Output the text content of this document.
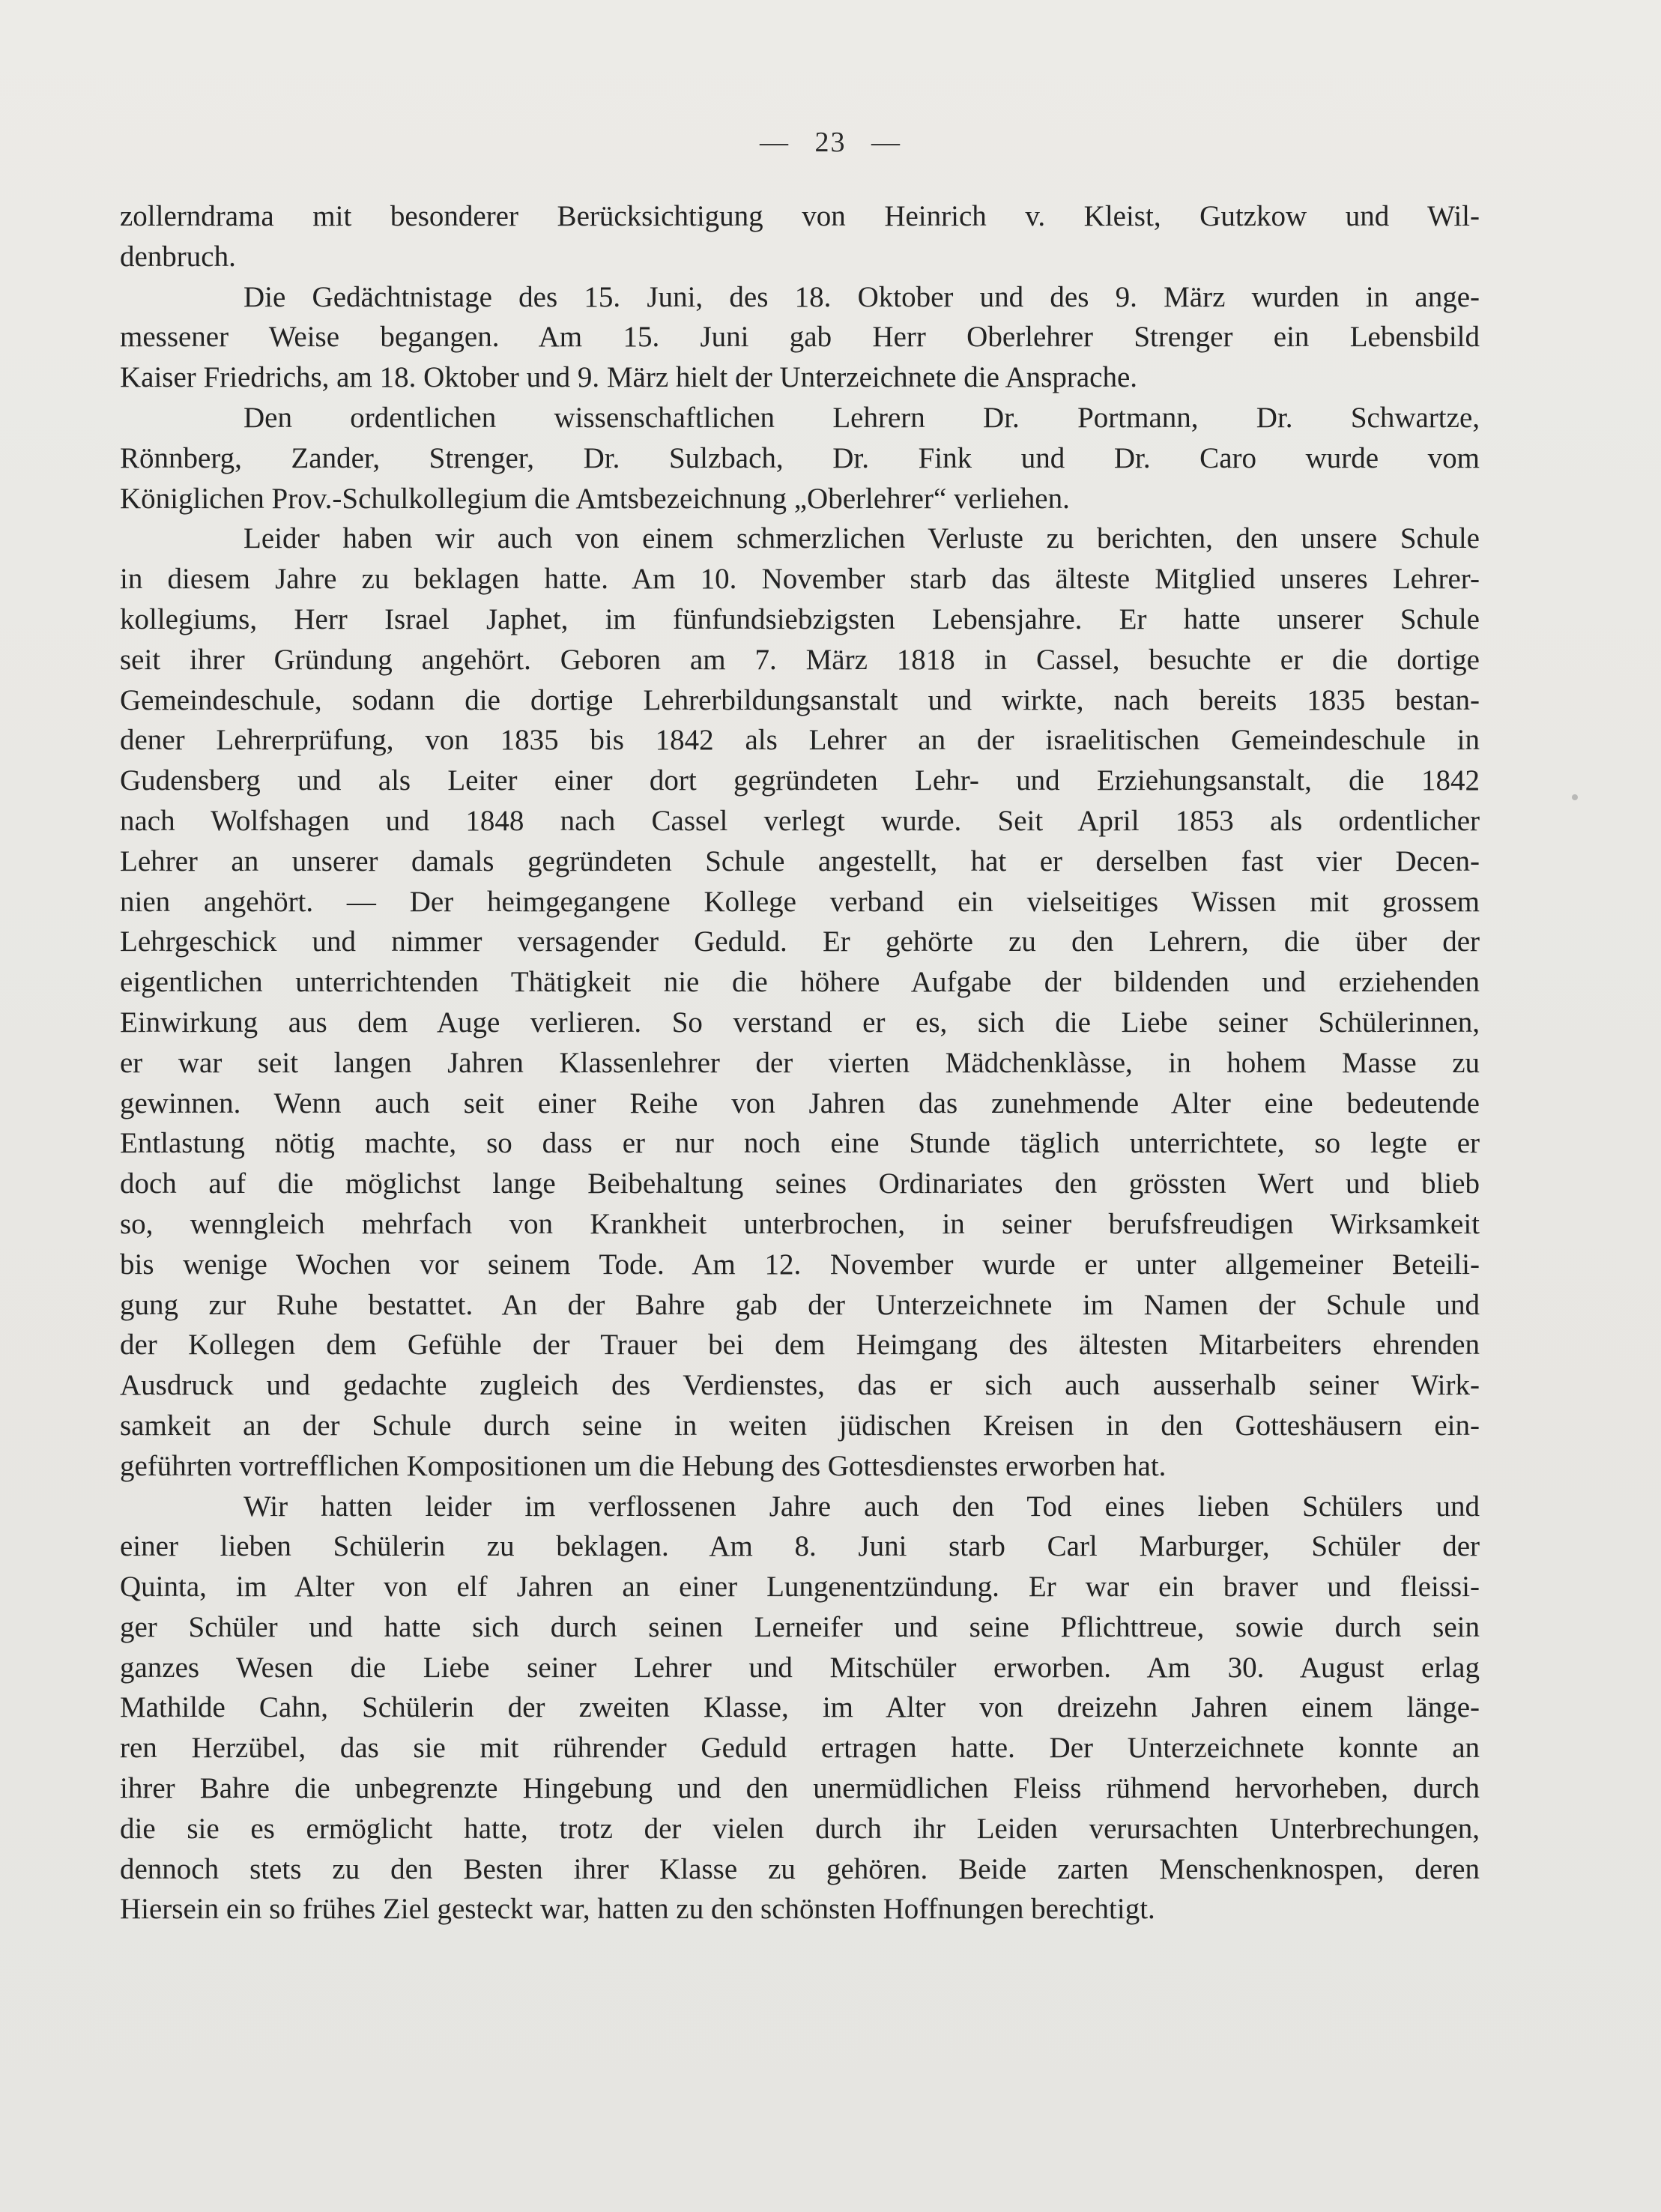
— 23 —
zollerndrama mit besonderer Berücksichtigung von Heinrich v. Kleist, Gutzkow und Wil-
denbruch.
Die Gedächtnistage des 15. Juni, des 18. Oktober und des 9. März wurden in ange-
messener Weise begangen. Am 15. Juni gab Herr Oberlehrer Strenger ein Lebensbild
Kaiser Friedrichs, am 18. Oktober und 9. März hielt der Unterzeichnete die Ansprache.
Den ordentlichen wissenschaftlichen Lehrern Dr. Portmann, Dr. Schwartze,
Rönnberg, Zander, Strenger, Dr. Sulzbach, Dr. Fink und Dr. Caro wurde vom
Königlichen Prov.-Schulkollegium die Amtsbezeichnung „Oberlehrer“ verliehen.
Leider haben wir auch von einem schmerzlichen Verluste zu berichten, den unsere Schule
in diesem Jahre zu beklagen hatte. Am 10. November starb das älteste Mitglied unseres Lehrer-
kollegiums, Herr Israel Japhet, im fünfundsiebzigsten Lebensjahre. Er hatte unserer Schule
seit ihrer Gründung angehört. Geboren am 7. März 1818 in Cassel, besuchte er die dortige
Gemeindeschule, sodann die dortige Lehrerbildungsanstalt und wirkte, nach bereits 1835 bestan-
dener Lehrerprüfung, von 1835 bis 1842 als Lehrer an der israelitischen Gemeindeschule in
Gudensberg und als Leiter einer dort gegründeten Lehr- und Erziehungsanstalt, die 1842
nach Wolfshagen und 1848 nach Cassel verlegt wurde. Seit April 1853 als ordentlicher
Lehrer an unserer damals gegründeten Schule angestellt, hat er derselben fast vier Decen-
nien angehört. — Der heimgegangene Kollege verband ein vielseitiges Wissen mit grossem
Lehrgeschick und nimmer versagender Geduld. Er gehörte zu den Lehrern, die über der
eigentlichen unterrichtenden Thätigkeit nie die höhere Aufgabe der bildenden und erziehenden
Einwirkung aus dem Auge verlieren. So verstand er es, sich die Liebe seiner Schülerinnen,
er war seit langen Jahren Klassenlehrer der vierten Mädchenklàsse, in hohem Masse zu
gewinnen. Wenn auch seit einer Reihe von Jahren das zunehmende Alter eine bedeutende
Entlastung nötig machte, so dass er nur noch eine Stunde täglich unterrichtete, so legte er
doch auf die möglichst lange Beibehaltung seines Ordinariates den grössten Wert und blieb
so, wenngleich mehrfach von Krankheit unterbrochen, in seiner berufsfreudigen Wirksamkeit
bis wenige Wochen vor seinem Tode. Am 12. November wurde er unter allgemeiner Beteili-
gung zur Ruhe bestattet. An der Bahre gab der Unterzeichnete im Namen der Schule und
der Kollegen dem Gefühle der Trauer bei dem Heimgang des ältesten Mitarbeiters ehrenden
Ausdruck und gedachte zugleich des Verdienstes, das er sich auch ausserhalb seiner Wirk-
samkeit an der Schule durch seine in weiten jüdischen Kreisen in den Gotteshäusern ein-
geführten vortrefflichen Kompositionen um die Hebung des Gottesdienstes erworben hat.
Wir hatten leider im verflossenen Jahre auch den Tod eines lieben Schülers und
einer lieben Schülerin zu beklagen. Am 8. Juni starb Carl Marburger, Schüler der
Quinta, im Alter von elf Jahren an einer Lungenentzündung. Er war ein braver und fleissi-
ger Schüler und hatte sich durch seinen Lerneifer und seine Pflichttreue, sowie durch sein
ganzes Wesen die Liebe seiner Lehrer und Mitschüler erworben. Am 30. August erlag
Mathilde Cahn, Schülerin der zweiten Klasse, im Alter von dreizehn Jahren einem länge-
ren Herzübel, das sie mit rührender Geduld ertragen hatte. Der Unterzeichnete konnte an
ihrer Bahre die unbegrenzte Hingebung und den unermüdlichen Fleiss rühmend hervorheben, durch
die sie es ermöglicht hatte, trotz der vielen durch ihr Leiden verursachten Unterbrechungen,
dennoch stets zu den Besten ihrer Klasse zu gehören. Beide zarten Menschenknospen, deren
Hiersein ein so frühes Ziel gesteckt war, hatten zu den schönsten Hoffnungen berechtigt.
